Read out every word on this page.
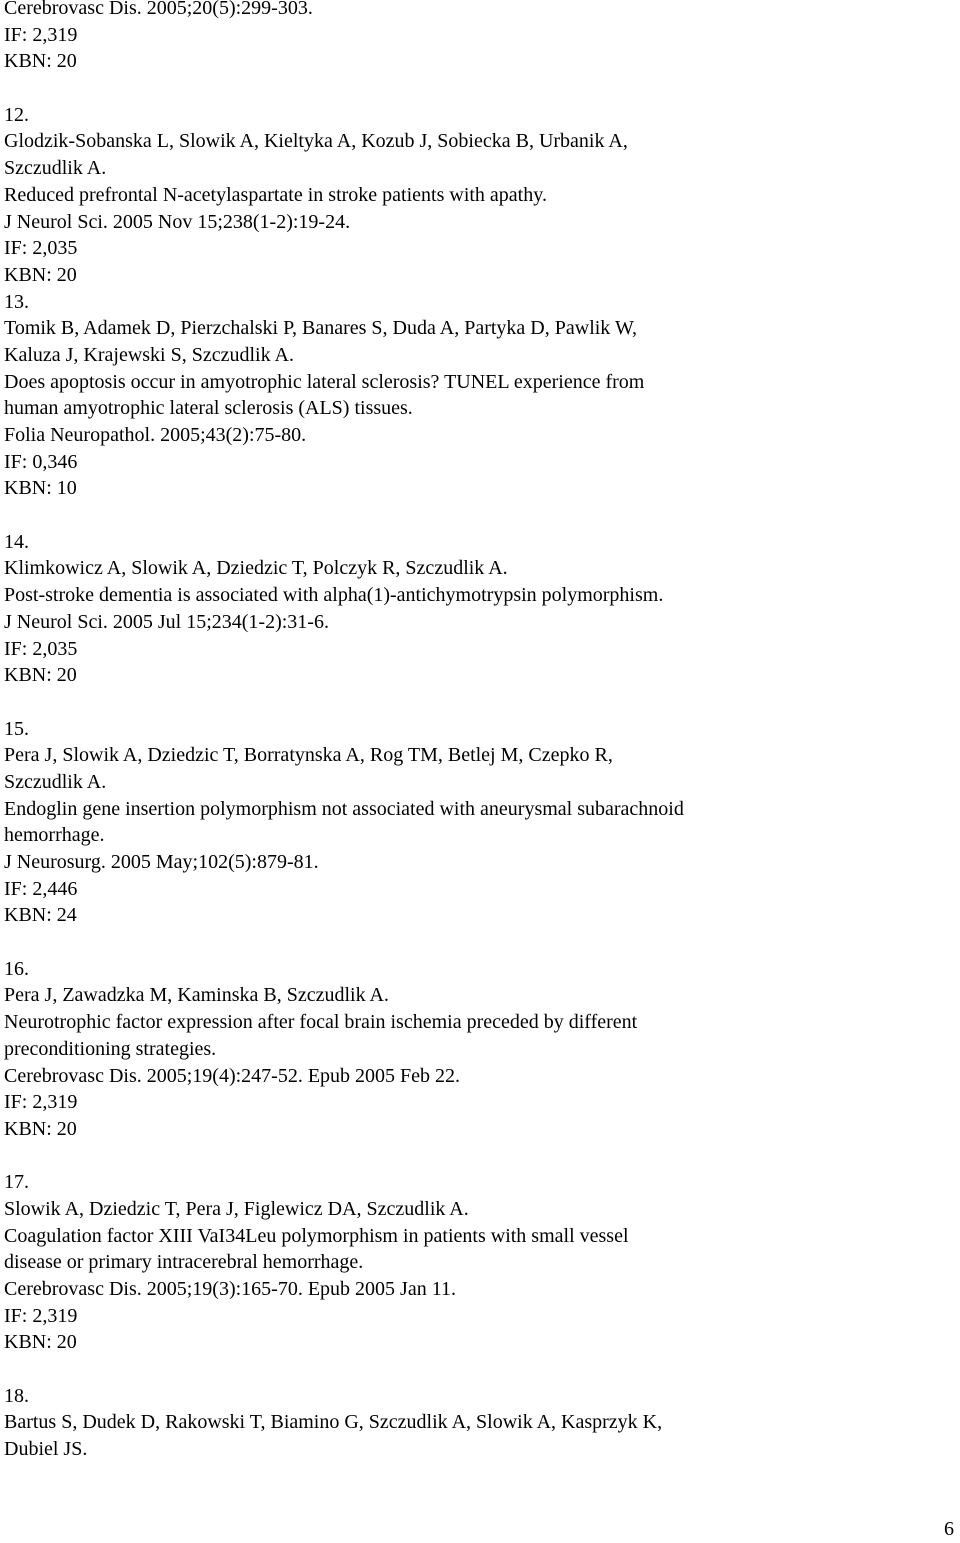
Cerebrovasc Dis. 2005;20(5):299-303.
IF: 2,319
KBN: 20
12.
Glodzik-Sobanska L, Slowik A, Kieltyka A, Kozub J, Sobiecka B, Urbanik A,
Szczudlik A.
Reduced prefrontal N-acetylaspartate in stroke patients with apathy.
J Neurol Sci. 2005 Nov 15;238(1-2):19-24.
IF: 2,035
KBN: 20
13.
Tomik B, Adamek D, Pierzchalski P, Banares S, Duda A, Partyka D, Pawlik W,
Kaluza J, Krajewski S, Szczudlik A.
Does apoptosis occur in amyotrophic lateral sclerosis? TUNEL experience from
human amyotrophic lateral sclerosis (ALS) tissues.
Folia Neuropathol. 2005;43(2):75-80.
IF: 0,346
KBN: 10
14.
Klimkowicz A, Slowik A, Dziedzic T, Polczyk R, Szczudlik A.
Post-stroke dementia is associated with alpha(1)-antichymotrypsin polymorphism.
J Neurol Sci. 2005 Jul 15;234(1-2):31-6.
IF: 2,035
KBN: 20
15.
Pera J, Slowik A, Dziedzic T, Borratynska A, Rog TM, Betlej M, Czepko R,
Szczudlik A.
Endoglin gene insertion polymorphism not associated with aneurysmal subarachnoid
hemorrhage.
J Neurosurg. 2005 May;102(5):879-81.
IF: 2,446
KBN: 24
16.
Pera J, Zawadzka M, Kaminska B, Szczudlik A.
Neurotrophic factor expression after focal brain ischemia preceded by different
preconditioning strategies.
Cerebrovasc Dis. 2005;19(4):247-52. Epub 2005 Feb 22.
IF: 2,319
KBN: 20
17.
Slowik A, Dziedzic T, Pera J, Figlewicz DA, Szczudlik A.
Coagulation factor XIII VaI34Leu polymorphism in patients with small vessel
disease or primary intracerebral hemorrhage.
Cerebrovasc Dis. 2005;19(3):165-70. Epub 2005 Jan 11.
IF: 2,319
KBN: 20
18.
Bartus S, Dudek D, Rakowski T, Biamino G, Szczudlik A, Slowik A, Kasprzyk K,
Dubiel JS.
6
